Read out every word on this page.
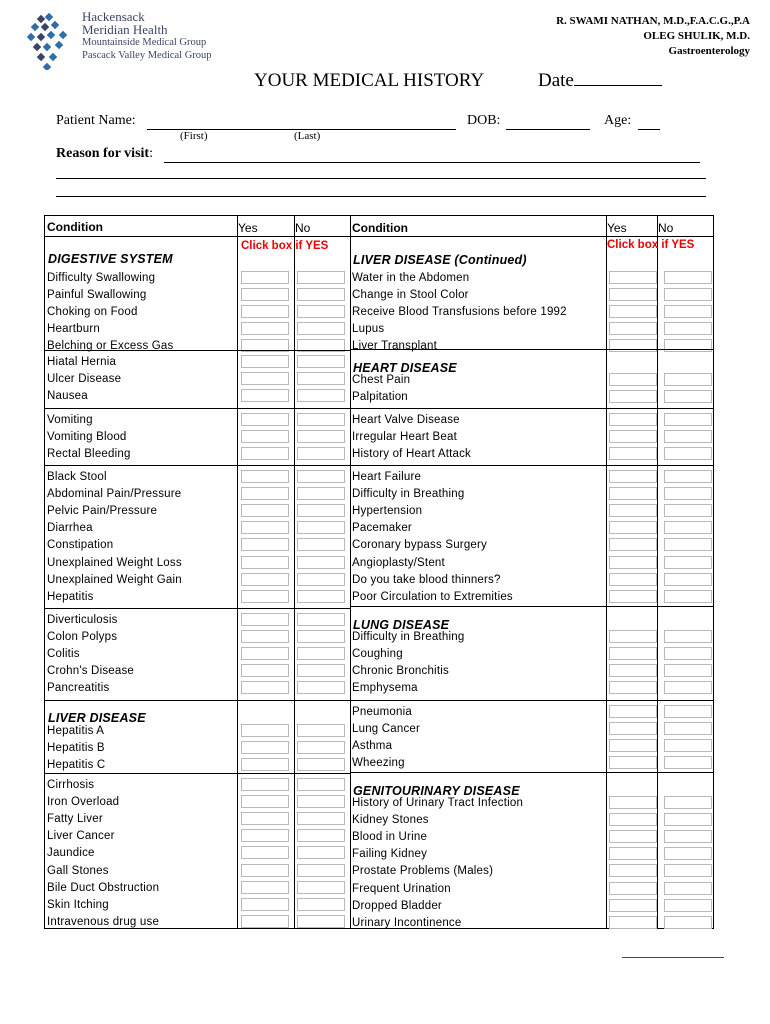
Hackensack
Meridian Health
Mountainside Medical Group
Pascack Valley Medical Group
R. SWAMI NATHAN, M.D.,F.A.C.G.,P.A
OLEG SHULIK, M.D.
Gastroenterology
YOUR MEDICAL HISTORY	Date
Patient Name:	DOB:	Age:
(First)	(Last)
Reason for visit:
Condition	Yes	No	Condition	Yes	No
Click box if YES	Click box if YES
DIGESTIVE SYSTEM
Difficulty Swallowing
Painful Swallowing
Choking on Food
Heartburn
Belching or Excess Gas
Hiatal Hernia
Ulcer Disease
Nausea
Vomiting
Vomiting Blood
Rectal Bleeding
Black Stool
Abdominal Pain/Pressure
Pelvic Pain/Pressure
Diarrhea
Constipation
Unexplained Weight Loss
Unexplained Weight Gain
Hepatitis
Diverticulosis
Colon Polyps
Colitis
Crohn's Disease
Pancreatitis
LIVER DISEASE
Hepatitis A
Hepatitis B
Hepatitis C
Cirrhosis
Iron Overload
Fatty Liver
Liver Cancer
Jaundice
Gall Stones
Bile Duct Obstruction
Skin Itching
Intravenous drug use
LIVER DISEASE (Continued)
Water in the Abdomen
Change in Stool Color
Receive Blood Transfusions before 1992
Lupus
Liver Transplant
HEART DISEASE
Chest Pain
Palpitation
Heart Valve Disease
Irregular Heart Beat
History of Heart Attack
Heart Failure
Difficulty in Breathing
Hypertension
Pacemaker
Coronary bypass Surgery
Angioplasty/Stent
Do you take blood thinners?
Poor Circulation to Extremities
LUNG DISEASE
Difficulty in Breathing
Coughing
Chronic Bronchitis
Emphysema
Pneumonia
Lung Cancer
Asthma
Wheezing
GENITOURINARY DISEASE
History of Urinary Tract Infection
Kidney Stones
Blood in Urine
Failing Kidney
Prostate Problems (Males)
Frequent Urination
Dropped Bladder
Urinary Incontinence
